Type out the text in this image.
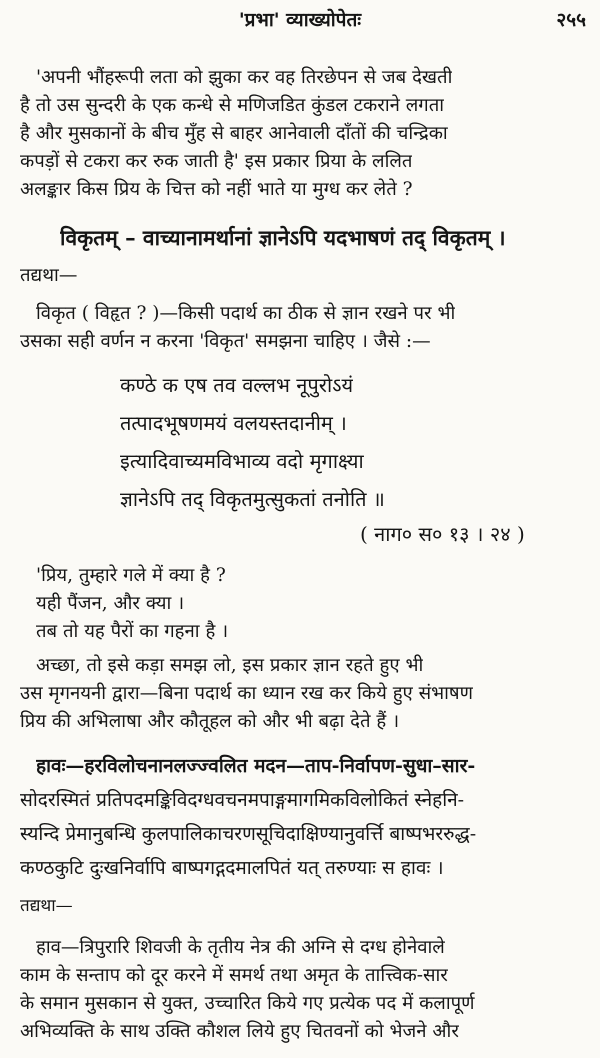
'प्रभा' व्याख्योपेतः	२५५
'अपनी भौंहरूपी लता को झुका कर वह तिरछेपन से जब देखती
है तो उस सुन्दरी के एक कन्धे से मणिजडित कुंडल टकराने लगता
है और मुसकानों के बीच मुँह से बाहर आनेवाली दाँतों की चन्द्रिका
कपड़ों से टकरा कर रुक जाती है' इस प्रकार प्रिया के ललित
अलङ्कार किस प्रिय के चित्त को नहीं भाते या मुग्ध कर लेते ?
विकृतम् – वाच्यानामर्थानां ज्ञानेऽपि यदभाषणं तद् विकृतम् ।
तद्यथा—
विकृत ( विहृत ? )—किसी पदार्थ का ठीक से ज्ञान रखने पर भी
उसका सही वर्णन न करना 'विकृत' समझना चाहिए । जैसे :—
कण्ठे क एष तव वल्लभ नूपुरोऽयं
तत्पादभूषणमयं वलयस्तदानीम् ।
इत्यादिवाच्यमविभाव्य वदो मृगाक्ष्या
ज्ञानेऽपि तद् विकृतमुत्सुकतां तनोति ॥
( नाग० स० १३ । २४ )
'प्रिय, तुम्हारे गले में क्या है ?
यही पैंजन, और क्या ।
तब तो यह पैरों का गहना है ।
अच्छा, तो इसे कड़ा समझ लो, इस प्रकार ज्ञान रहते हुए भी
उस मृगनयनी द्वारा—बिना पदार्थ का ध्यान रख कर किये हुए संभाषण
प्रिय की अभिलाषा और कौतूहल को और भी बढ़ा देते हैं ।
हावः—हरविलोचनानलज्ज्वलित मदन—ताप-निर्वापण-सुधा–सार-
सोदरस्मितं प्रतिपदमङ्किविदग्धवचनमपाङ्गमागमिकविलोकितं स्नेहनि-
स्यन्दि प्रेमानुबन्धि कुलपालिकाचरणसूचिदाक्षिण्यानुवर्त्ति बाष्पभररुद्ध-
कण्ठकुटि दुःखनिर्वापि बाष्पगद्गदमालपितं यत् तरुण्याः स हावः ।
तद्यथा—
हाव—त्रिपुरारि शिवजी के तृतीय नेत्र की अग्नि से दग्ध होनेवाले
काम के सन्ताप को दूर करने में समर्थ तथा अमृत के तात्त्विक-सार
के समान मुसकान से युक्त, उच्चारित किये गए प्रत्येक पद में कलापूर्ण
अभिव्यक्ति के साथ उक्ति कौशल लिये हुए चितवनों को भेजने और
